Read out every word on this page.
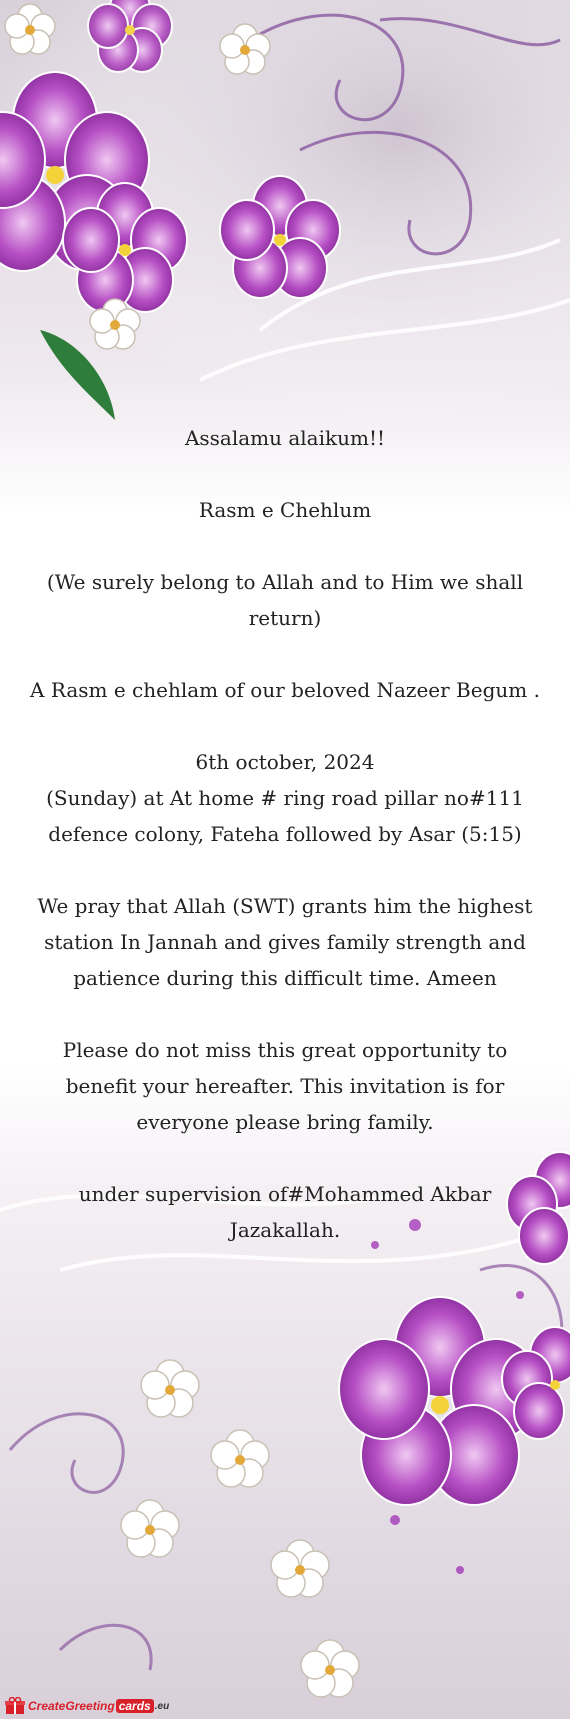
Assalamu alaikum!!

Rasm e Chehlum

(We surely belong to Allah and to Him we shall return)

A Rasm e chehlam of our beloved Nazeer Begum .

6th october, 2024

(Sunday) at At home # ring road pillar no#111

defence colony, Fateha followed by Asar (5:15)

We pray that Allah (SWT) grants him the highest station In Jannah and gives family strength and patience during this difficult time. Ameen

Please do not miss this great opportunity to benefit your hereafter. This invitation is for everyone please bring family.

under supervision of#Mohammed Akbar

Jazakallah.

CreateGreeting cards .eu
